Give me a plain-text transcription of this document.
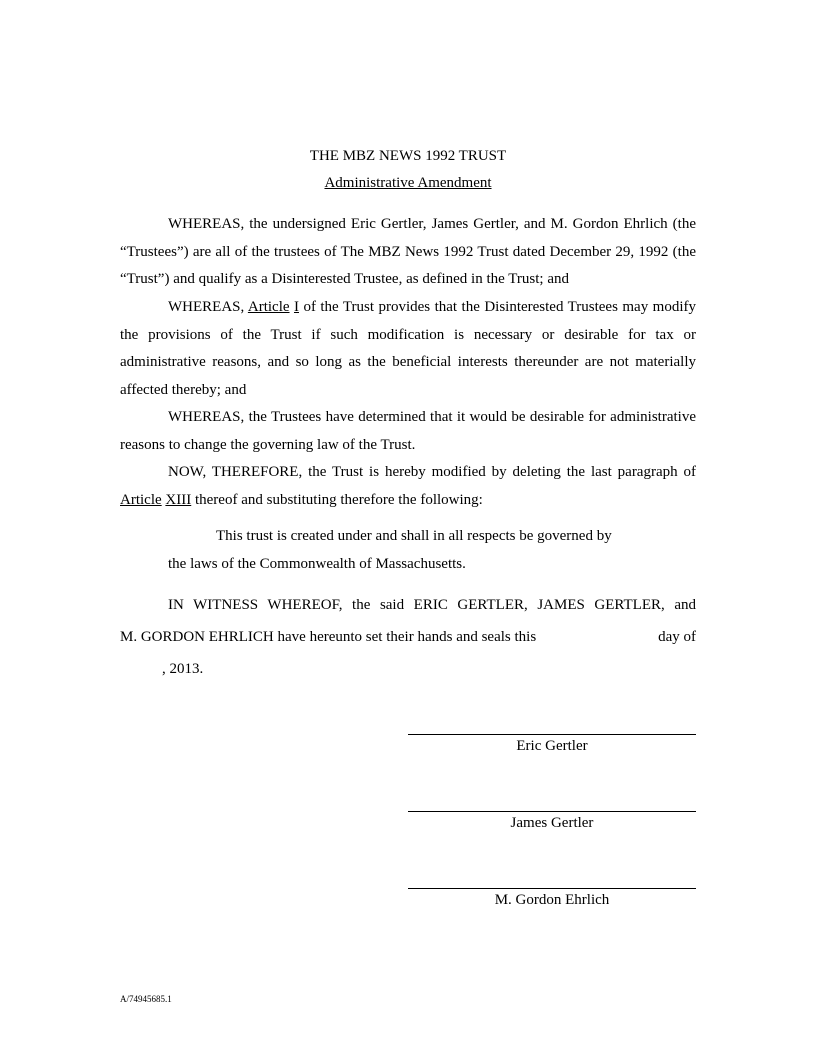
THE MBZ NEWS 1992 TRUST
Administrative Amendment

WHEREAS, the undersigned Eric Gertler, James Gertler, and M. Gordon Ehrlich (the “Trustees”) are all of the trustees of The MBZ News 1992 Trust dated December 29, 1992 (the “Trust”) and qualify as a Disinterested Trustee, as defined in the Trust; and

WHEREAS, Article I of the Trust provides that the Disinterested Trustees may modify the provisions of the Trust if such modification is necessary or desirable for tax or administrative reasons, and so long as the beneficial interests thereunder are not materially affected thereby; and

WHEREAS, the Trustees have determined that it would be desirable for administrative reasons to change the governing law of the Trust.

NOW, THEREFORE, the Trust is hereby modified by deleting the last paragraph of Article XIII thereof and substituting therefore the following:

This trust is created under and shall in all respects be governed by
the laws of the Commonwealth of Massachusetts.
IN WITNESS WHEREOF, the said ERIC GERTLER, JAMES GERTLER, and
M. GORDON EHRLICH have hereunto set their hands and seals this	day of
, 2013.
Eric Gertler
James Gertler
M. Gordon Ehrlich
A/74945685.1
